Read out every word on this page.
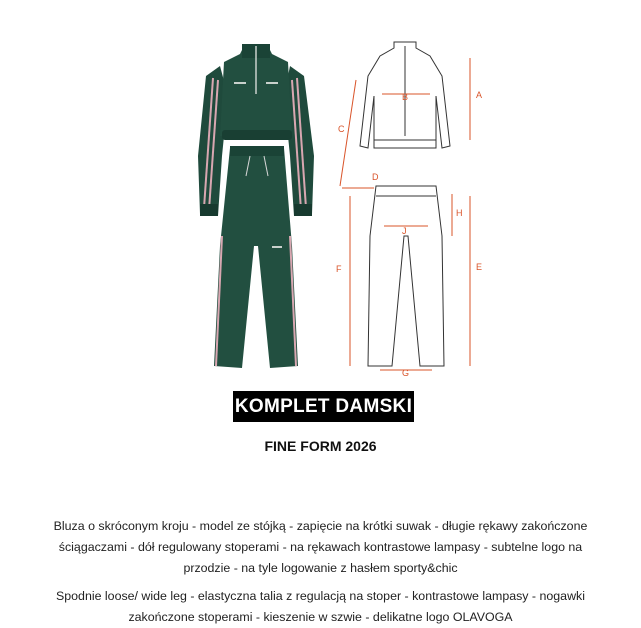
A
B
C
D
E
F
G
H
J
KOMPLET DAMSKI
FINE FORM 2026
Bluza o skróconym kroju - model ze stójką - zapięcie na krótki suwak - długie rękawy zakończone
ściągaczami - dół regulowany stoperami - na rękawach kontrastowe lampasy - subtelne logo na
przodzie - na tyle logowanie z hasłem sporty&chic
Spodnie loose/ wide leg - elastyczna talia z regulacją na stoper - kontrastowe lampasy - nogawki
zakończone stoperami - kieszenie w szwie - delikatne logo OLAVOGA
